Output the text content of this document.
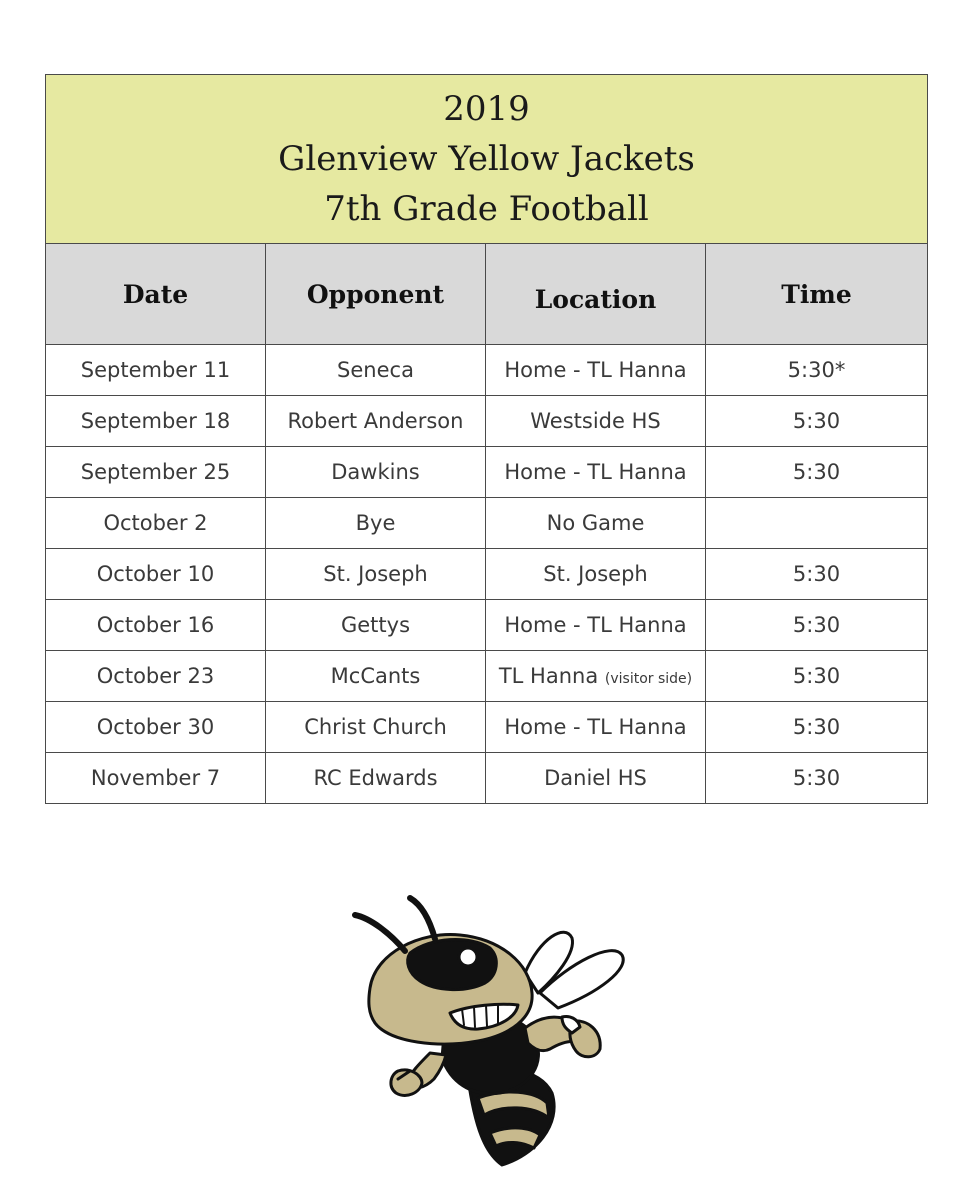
2019
Glenview Yellow Jackets
7th Grade Football			

Date	Opponent	Location	Time
September 11	Seneca	Home - TL Hanna	5:30*
September 18	Robert Anderson	Westside HS	5:30
September 25	Dawkins	Home - TL Hanna	5:30
October 2	Bye	No Game	
October 10	St. Joseph	St. Joseph	5:30
October 16	Gettys	Home - TL Hanna	5:30
October 23	McCants	TL Hanna (visitor side)	5:30
October 30	Christ Church	Home - TL Hanna	5:30
November 7	RC Edwards	Daniel HS	5:30
